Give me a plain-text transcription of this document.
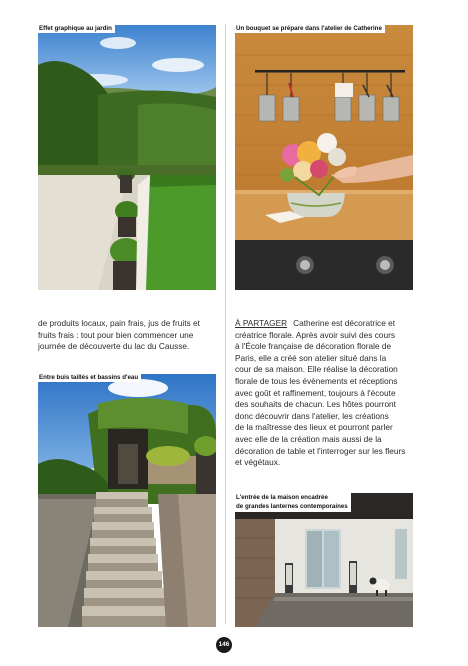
Effet graphique au jardin	Un bouquet se prépare dans l'atelier de Catherine
de produits locaux, pain frais, jus de fruits et
fruits frais : tout pour bien commencer une
journée de découverte du lac du Causse.
À PARTAGER Catherine est décoratrice et
créatrice florale. Après avoir suivi des cours
à l'École française de décoration florale de
Paris, elle a créé son atelier situé dans la
cour de sa maison. Elle réalise la décoration
florale de tous les évènements et réceptions
avec goût et raffinement, toujours à l'écoute
des souhaits de chacun. Les hôtes pourront
donc découvrir dans l'atelier, les créations
de la maîtresse des lieux et pourront parler
avec elle de la création mais aussi de la
décoration de table et l'interroger sur les fleurs
et végétaux.
Entre buis taillés et bassins d'eau
L'entrée de la maison encadrée
de grandes lanternes contemporaines
146
